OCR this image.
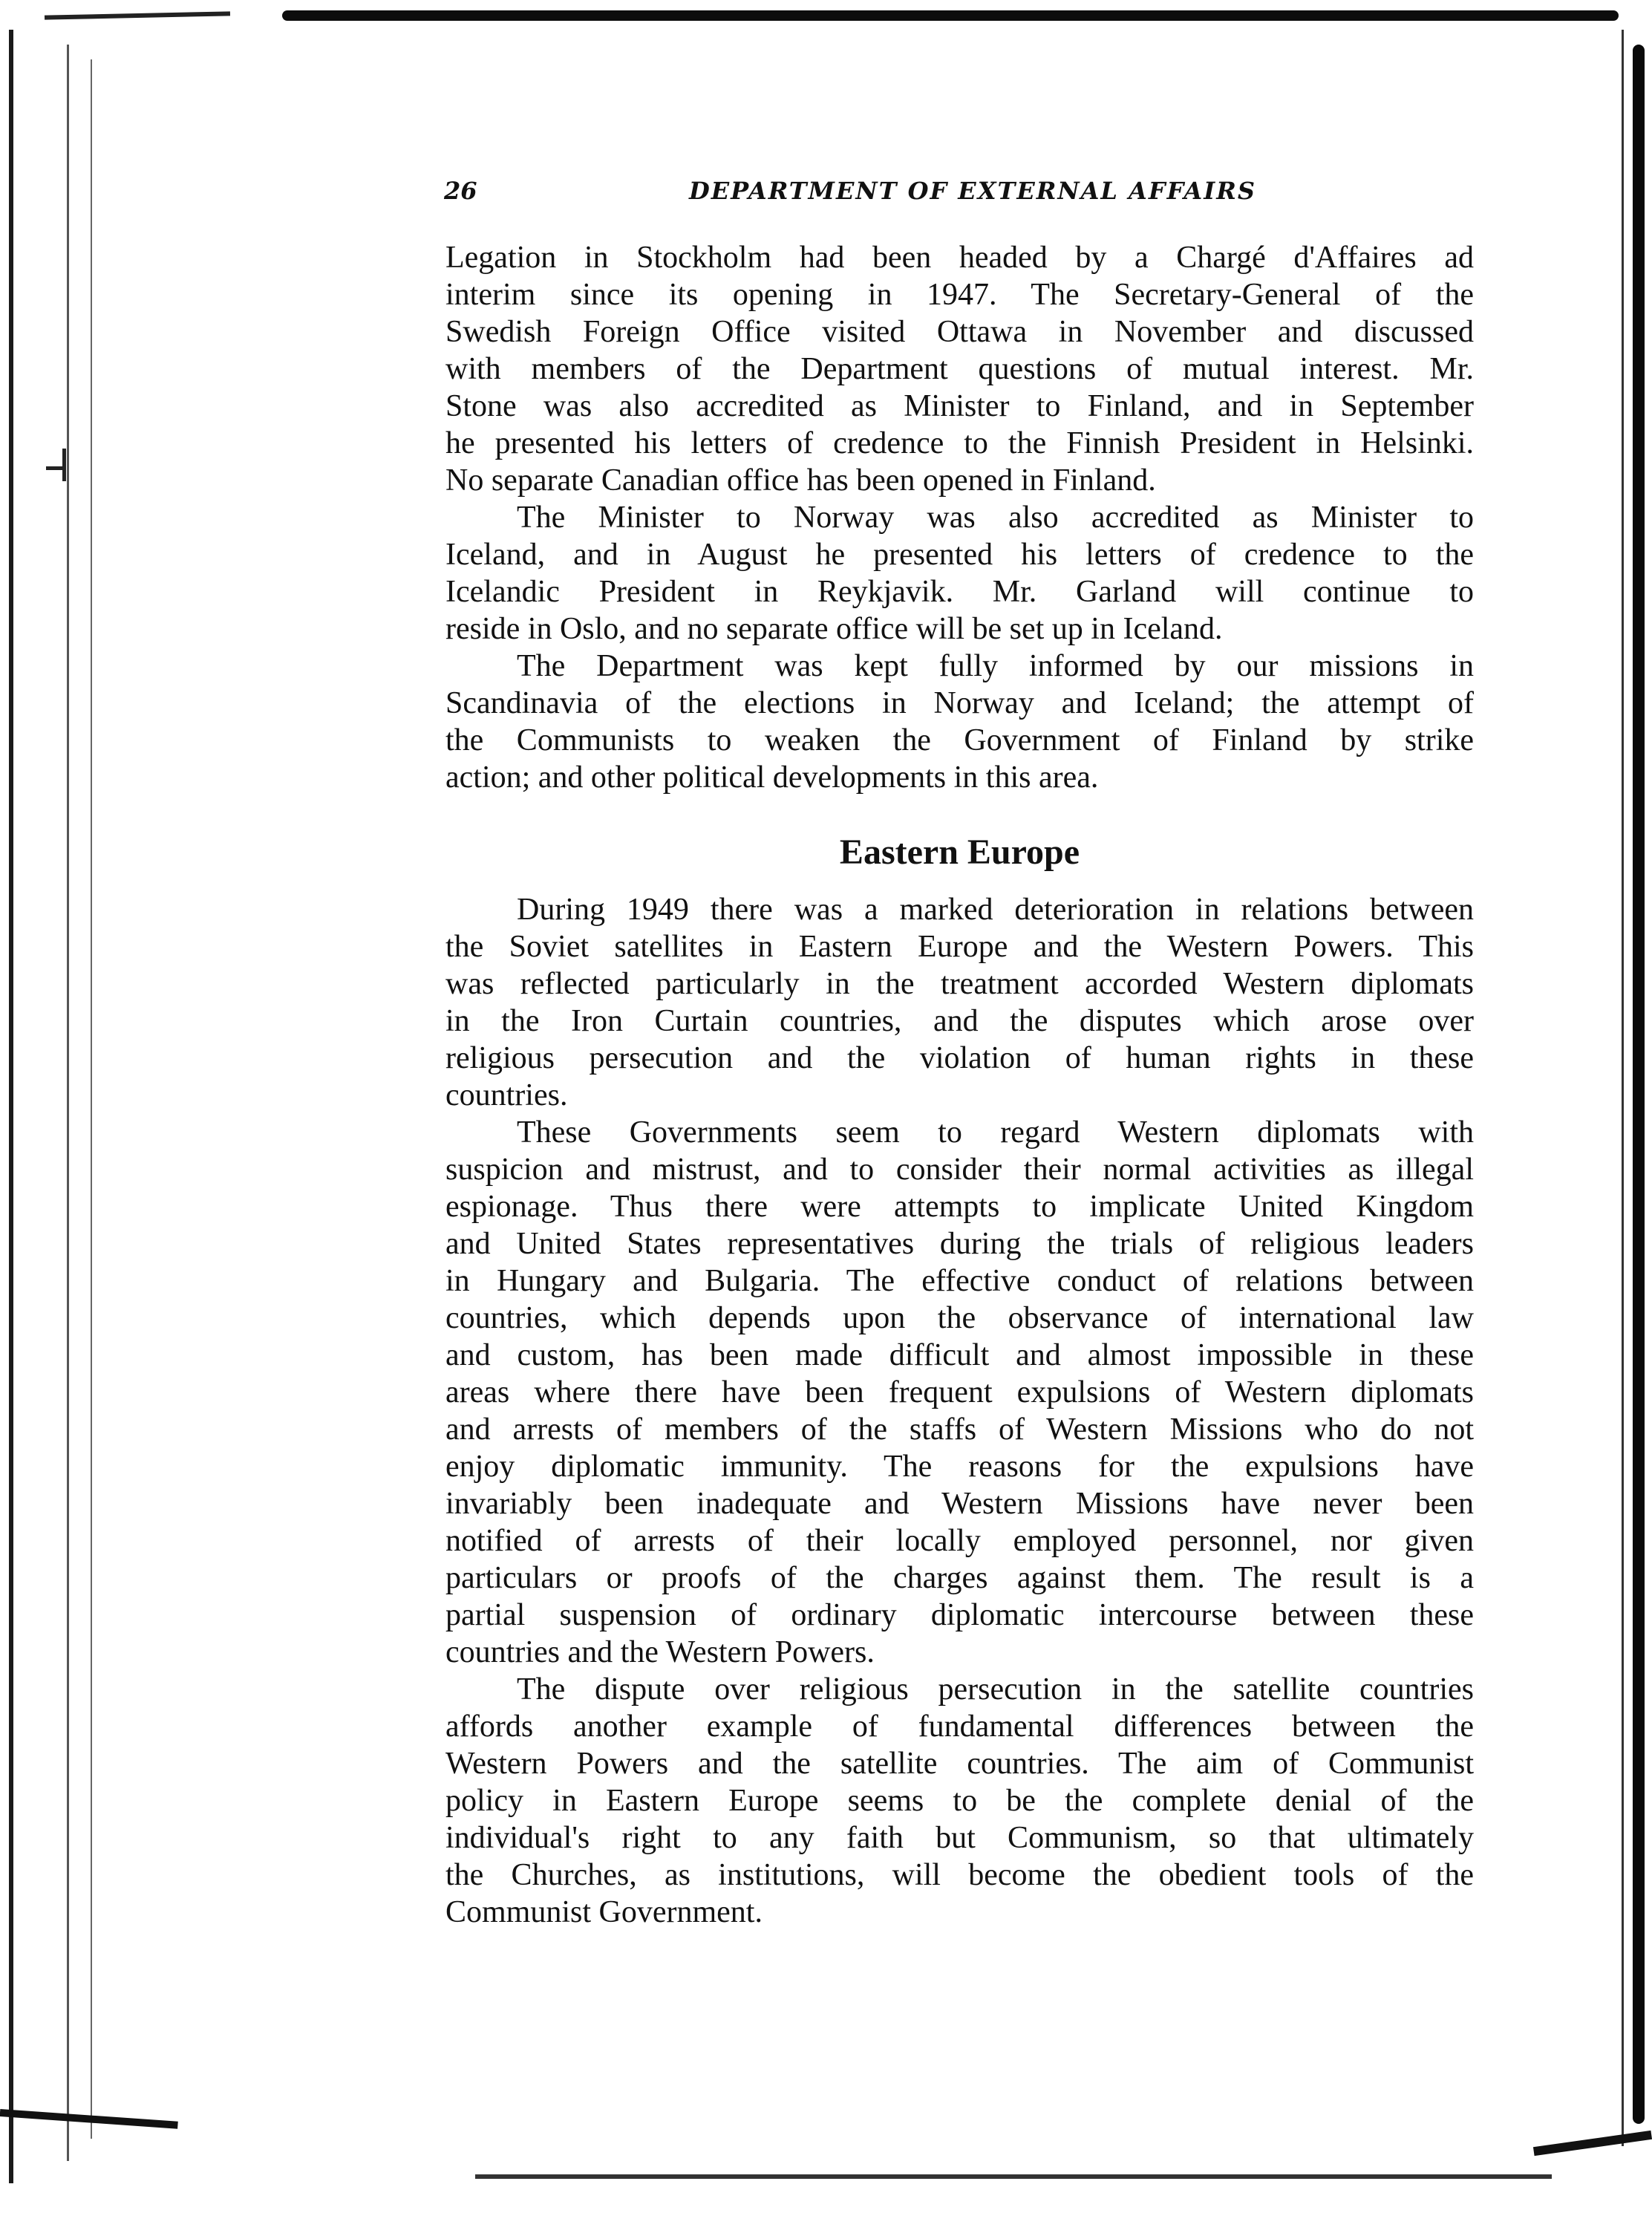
26	DEPARTMENT OF EXTERNAL AFFAIRS
Legation in Stockholm had been headed by a Chargé d'Affaires ad
interim since its opening in 1947. The Secretary-General of the
Swedish Foreign Office visited Ottawa in November and discussed
with members of the Department questions of mutual interest. Mr.
Stone was also accredited as Minister to Finland, and in September
he presented his letters of credence to the Finnish President in Helsinki.
No separate Canadian office has been opened in Finland.
The Minister to Norway was also accredited as Minister to
Iceland, and in August he presented his letters of credence to the
Icelandic President in Reykjavik. Mr. Garland will continue to
reside in Oslo, and no separate office will be set up in Iceland.
The Department was kept fully informed by our missions in
Scandinavia of the elections in Norway and Iceland; the attempt of
the Communists to weaken the Government of Finland by strike
action; and other political developments in this area.
Eastern Europe
During 1949 there was a marked deterioration in relations between
the Soviet satellites in Eastern Europe and the Western Powers. This
was reflected particularly in the treatment accorded Western diplomats
in the Iron Curtain countries, and the disputes which arose over
religious persecution and the violation of human rights in these
countries.
These Governments seem to regard Western diplomats with
suspicion and mistrust, and to consider their normal activities as illegal
espionage. Thus there were attempts to implicate United Kingdom
and United States representatives during the trials of religious leaders
in Hungary and Bulgaria. The effective conduct of relations between
countries, which depends upon the observance of international law
and custom, has been made difficult and almost impossible in these
areas where there have been frequent expulsions of Western diplomats
and arrests of members of the staffs of Western Missions who do not
enjoy diplomatic immunity. The reasons for the expulsions have
invariably been inadequate and Western Missions have never been
notified of arrests of their locally employed personnel, nor given
particulars or proofs of the charges against them. The result is a
partial suspension of ordinary diplomatic intercourse between these
countries and the Western Powers.
The dispute over religious persecution in the satellite countries
affords another example of fundamental differences between the
Western Powers and the satellite countries. The aim of Communist
policy in Eastern Europe seems to be the complete denial of the
individual's right to any faith but Communism, so that ultimately
the Churches, as institutions, will become the obedient tools of the
Communist Government.
